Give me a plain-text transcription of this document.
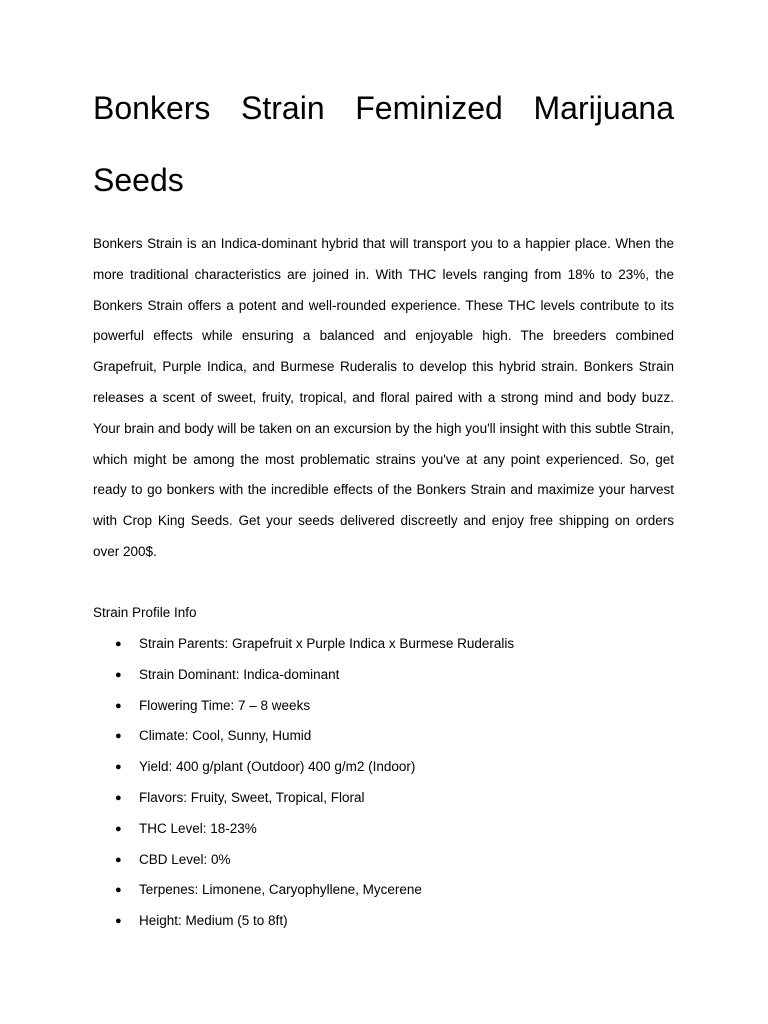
Bonkers Strain Feminized Marijuana
Seeds

Bonkers Strain is an Indica-dominant hybrid that will transport you to a happier place. When the more traditional characteristics are joined in. With THC levels ranging from 18% to 23%, the Bonkers Strain offers a potent and well-rounded experience. These THC levels contribute to its powerful effects while ensuring a balanced and enjoyable high. The breeders combined Grapefruit, Purple Indica, and Burmese Ruderalis to develop this hybrid strain. Bonkers Strain releases a scent of sweet, fruity, tropical, and floral paired with a strong mind and body buzz. Your brain and body will be taken on an excursion by the high you'll insight with this subtle Strain, which might be among the most problematic strains you've at any point experienced. So, get ready to go bonkers with the incredible effects of the Bonkers Strain and maximize your harvest with Crop King Seeds. Get your seeds delivered discreetly and enjoy free shipping on orders over 200$.

Strain Profile Info

● Strain Parents: Grapefruit x Purple Indica x Burmese Ruderalis
● Strain Dominant: Indica-dominant
● Flowering Time: 7 – 8 weeks
● Climate: Cool, Sunny, Humid
● Yield: 400 g/plant (Outdoor) 400 g/m2 (Indoor)
● Flavors: Fruity, Sweet, Tropical, Floral
● THC Level: 18-23%
● CBD Level: 0%
● Terpenes: Limonene, Caryophyllene, Mycerene
● Height: Medium (5 to 8ft)
